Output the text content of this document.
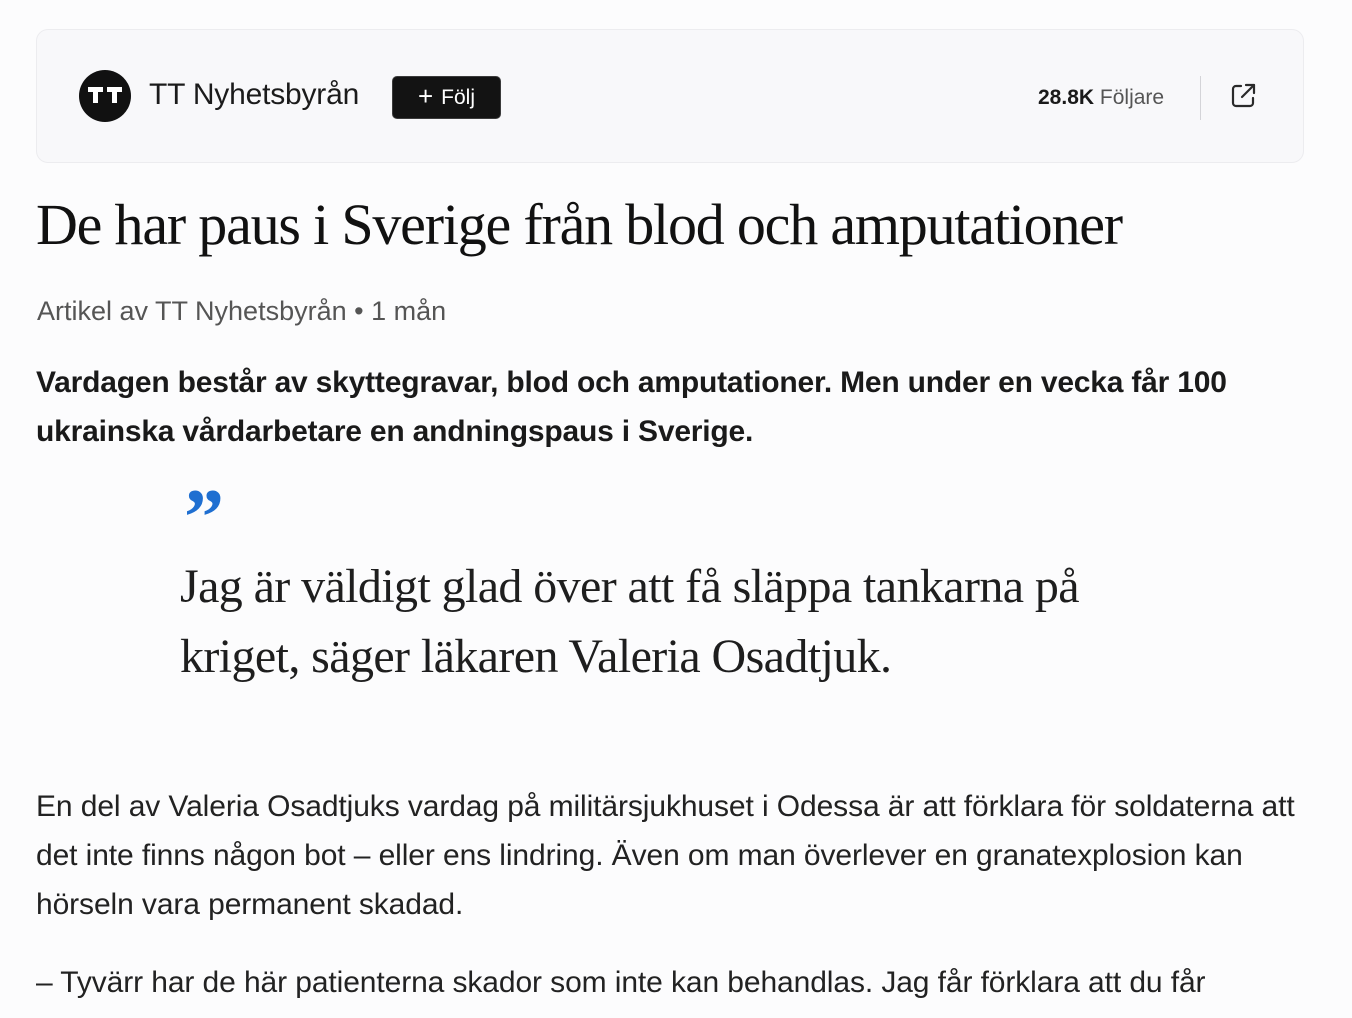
TT Nyhetsbyrån + Följ	28.8K Följare
De har paus i Sverige från blod och amputationer
Artikel av TT Nyhetsbyrån • 1 mån

Vardagen består av skyttegravar, blod och amputationer. Men under en vecka får 100 ukrainska vårdarbetare en andningspaus i Sverige.

”

Jag är väldigt glad över att få släppa tankarna på kriget, säger läkaren Valeria Osadtjuk.

En del av Valeria Osadtjuks vardag på militärsjukhuset i Odessa är att förklara för soldaterna att det inte finns någon bot – eller ens lindring. Även om man överlever en granatexplosion kan hörseln vara permanent skadad.

– Tyvärr har de här patienterna skador som inte kan behandlas. Jag får förklara att du får
